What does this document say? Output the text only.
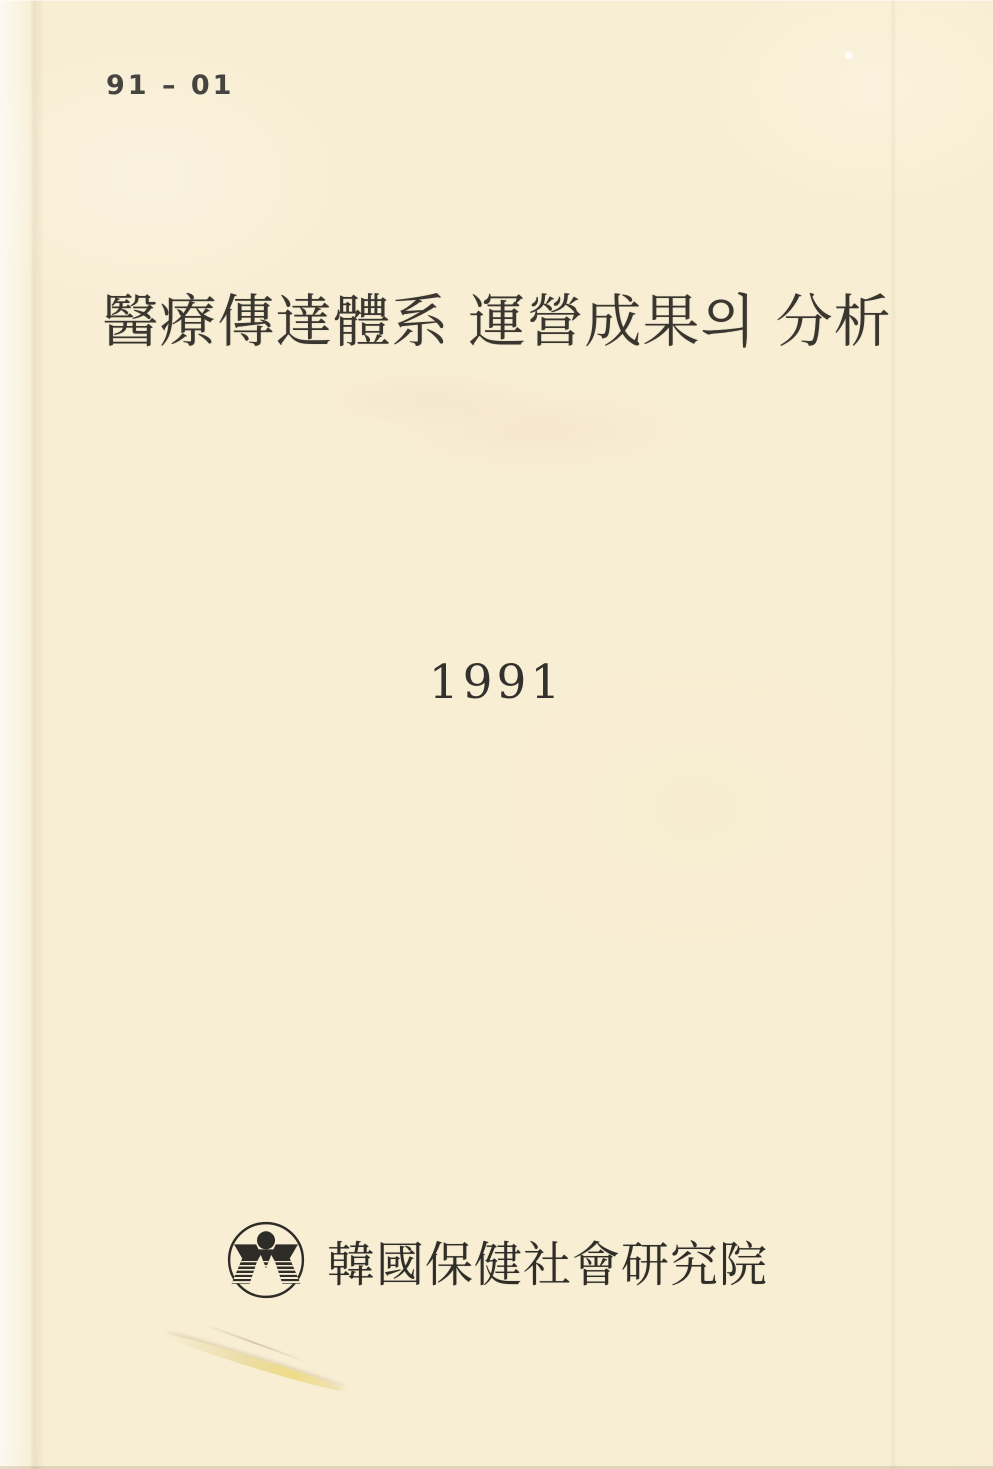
91 – 01
醫療傳達體系 運營成果의 分析
1991
韓國保健社會研究院
